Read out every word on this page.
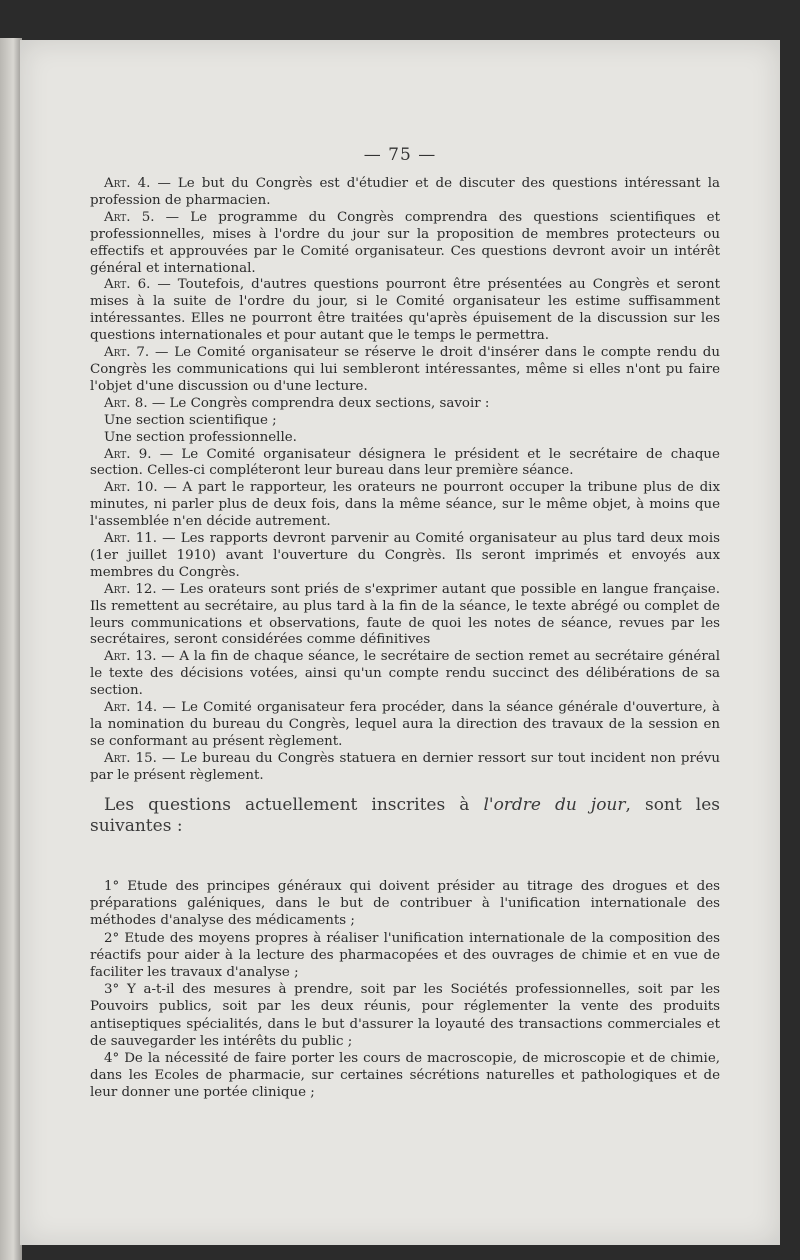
— 75 —

Art. 4. — Le but du Congrès est d'étudier et de discuter des questions intéressant la profession de pharmacien.

Art. 5. — Le programme du Congrès comprendra des questions scientifiques et professionnelles, mises à l'ordre du jour sur la proposition de membres protecteurs ou effectifs et approuvées par le Comité organisateur. Ces questions devront avoir un intérêt général et international.

Art. 6. — Toutefois, d'autres questions pourront être présentées au Congrès et seront mises à la suite de l'ordre du jour, si le Comité organisateur les estime suffisamment intéressantes. Elles ne pourront être traitées qu'après épuisement de la discussion sur les questions internationales et pour autant que le temps le permettra.

Art. 7. — Le Comité organisateur se réserve le droit d'insérer dans le compte rendu du Congrès les communications qui lui sembleront intéressantes, même si elles n'ont pu faire l'objet d'une discussion ou d'une lecture.

Art. 8. — Le Congrès comprendra deux sections, savoir :

Une section scientifique ;

Une section professionnelle.

Art. 9. — Le Comité organisateur désignera le président et le secrétaire de chaque section. Celles-ci compléteront leur bureau dans leur première séance.

Art. 10. — A part le rapporteur, les orateurs ne pourront occuper la tribune plus de dix minutes, ni parler plus de deux fois, dans la même séance, sur le même objet, à moins que l'assemblée n'en décide autrement.

Art. 11. — Les rapports devront parvenir au Comité organisateur au plus tard deux mois (1er juillet 1910) avant l'ouverture du Congrès. Ils seront imprimés et envoyés aux membres du Congrès.

Art. 12. — Les orateurs sont priés de s'exprimer autant que possible en langue française. Ils remettent au secrétaire, au plus tard à la fin de la séance, le texte abrégé ou complet de leurs communications et observations, faute de quoi les notes de séance, revues par les secrétaires, seront considérées comme définitives

Art. 13. — A la fin de chaque séance, le secrétaire de section remet au secrétaire général le texte des décisions votées, ainsi qu'un compte rendu succinct des délibérations de sa section.

Art. 14. — Le Comité organisateur fera procéder, dans la séance générale d'ouverture, à la nomination du bureau du Congrès, lequel aura la direction des travaux de la session en se conformant au présent règlement.

Art. 15. — Le bureau du Congrès statuera en dernier ressort sur tout incident non prévu par le présent règlement.

Les questions actuellement inscrites à l'ordre du jour, sont les suivantes :

1° Etude des principes généraux qui doivent présider au titrage des drogues et des préparations galéniques, dans le but de contribuer à l'unification internationale des méthodes d'analyse des médicaments ;

2° Etude des moyens propres à réaliser l'unification internationale de la composition des réactifs pour aider à la lecture des pharmacopées et des ouvrages de chimie et en vue de faciliter les travaux d'analyse ;

3° Y a-t-il des mesures à prendre, soit par les Sociétés professionnelles, soit par les Pouvoirs publics, soit par les deux réunis, pour réglementer la vente des produits antiseptiques spécialités, dans le but d'assurer la loyauté des transactions commerciales et de sauvegarder les intérêts du public ;

4° De la nécessité de faire porter les cours de macroscopie, de microscopie et de chimie, dans les Ecoles de pharmacie, sur certaines sécrétions naturelles et pathologiques et de leur donner une portée clinique ;
